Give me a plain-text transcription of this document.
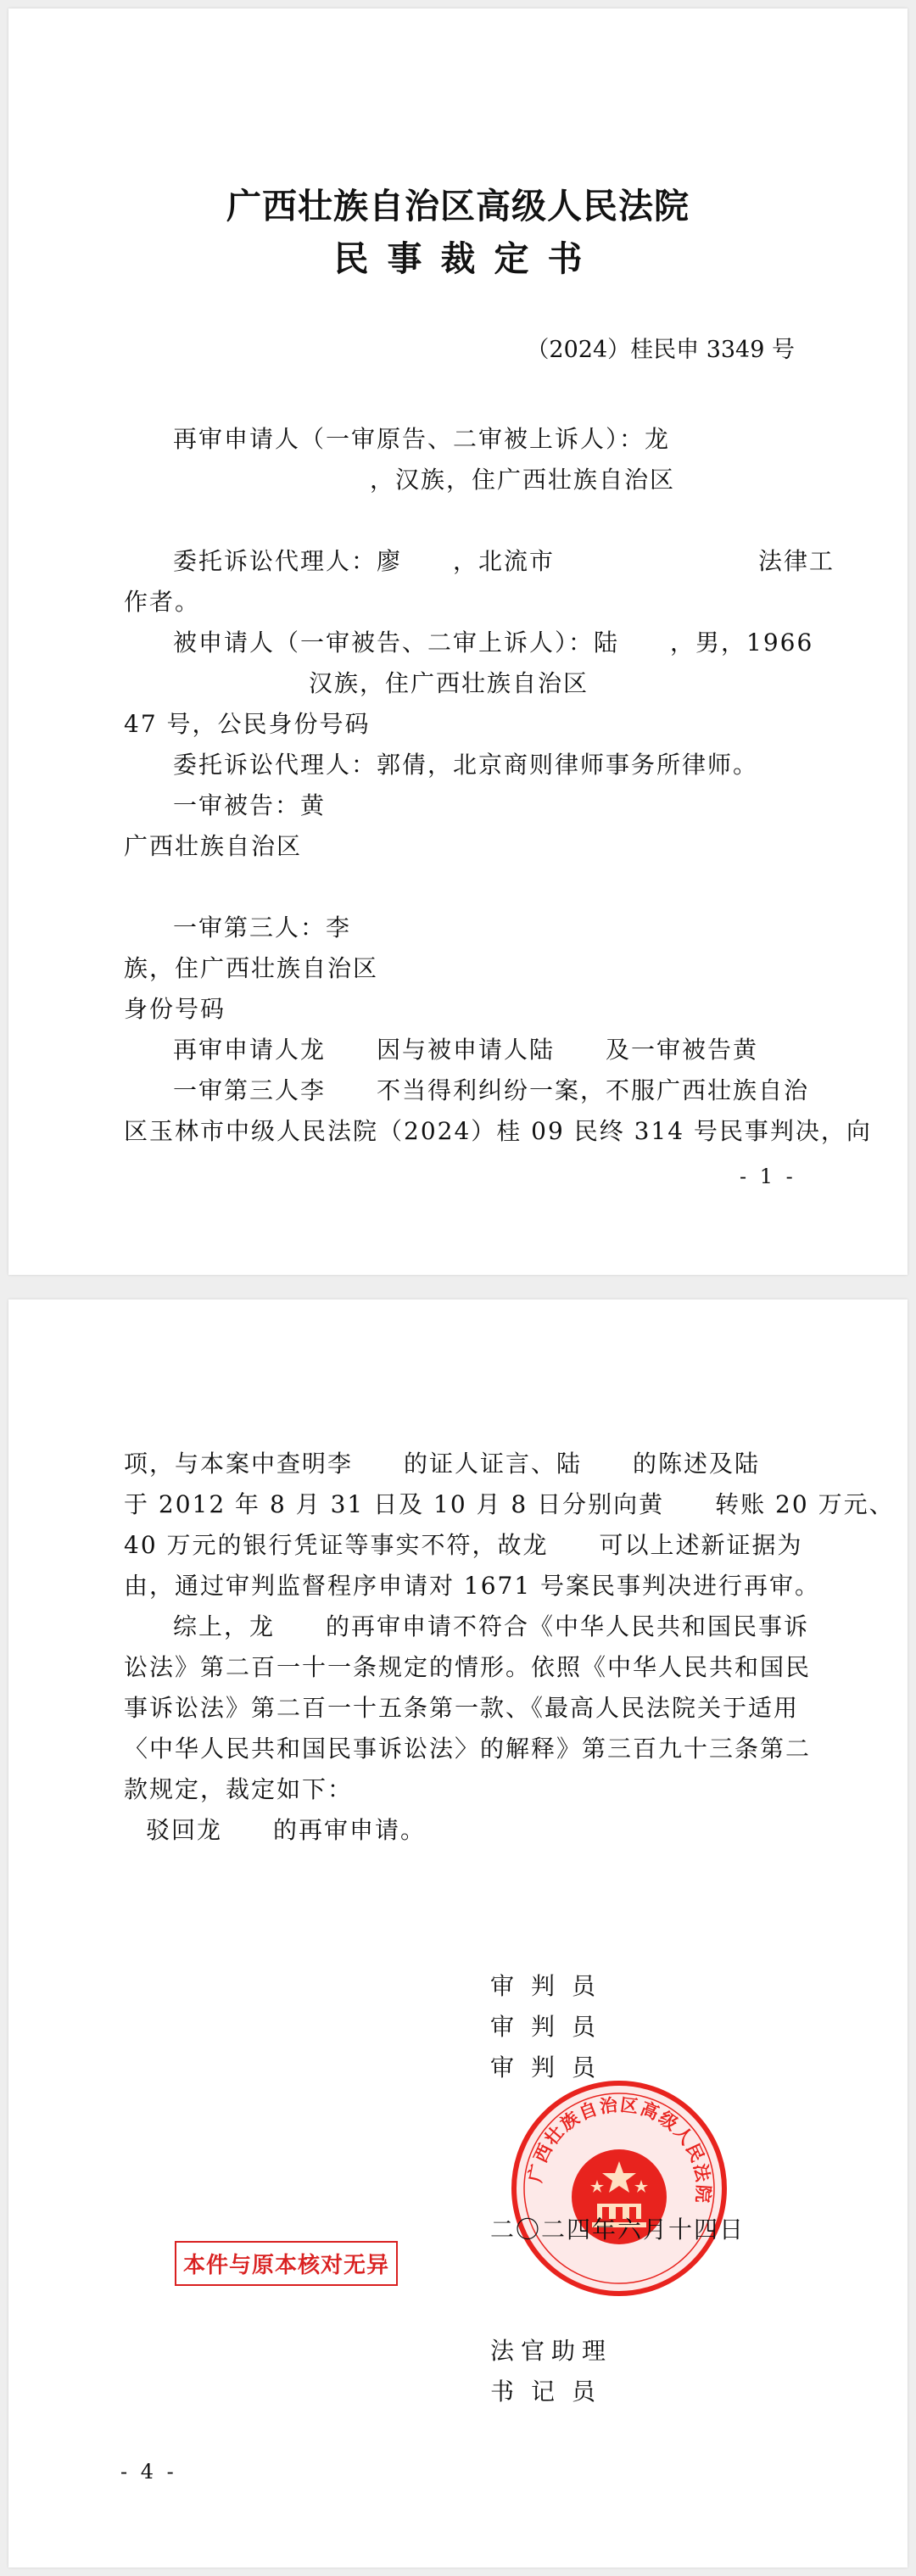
广西壮族自治区高级人民法院
民事裁定书
（2024）桂民申 3349 号
再审申请人（一审原告、二审被上诉人）：龙
，汉族，住广西壮族自治区
委托诉讼代理人：廖　　，北流市　　　　　　　　法律工
作者。
被申请人（一审被告、二审上诉人）：陆　　，男，1966
汉族，住广西壮族自治区
47 号，公民身份号码
委托诉讼代理人：郭倩，北京商则律师事务所律师。
一审被告：黄
广西壮族自治区
一审第三人：李
族，住广西壮族自治区
身份号码
再审申请人龙　　因与被申请人陆　　及一审被告黄
一审第三人李　　不当得利纠纷一案，不服广西壮族自治
区玉林市中级人民法院（2024）桂 09 民终 314 号民事判决，向
- 1 -
项，与本案中查明李　　的证人证言、陆　　的陈述及陆
于 2012 年 8 月 31 日及 10 月 8 日分别向黄　　转账 20 万元、
40 万元的银行凭证等事实不符，故龙　　可以上述新证据为
由，通过审判监督程序申请对 1671 号案民事判决进行再审。
综上，龙　　的再审申请不符合《中华人民共和国民事诉
讼法》第二百一十一条规定的情形。依照《中华人民共和国民
事诉讼法》第二百一十五条第一款、《最高人民法院关于适用
〈中华人民共和国民事诉讼法〉的解释》第三百九十三条第二
款规定，裁定如下：
驳回龙　　的再审申请。
审判员
审判员
审判员
广西壮族自治区高级人民法院
二〇二四年六月十四日
本件与原本核对无异
法官助理
书记员
- 4 -
